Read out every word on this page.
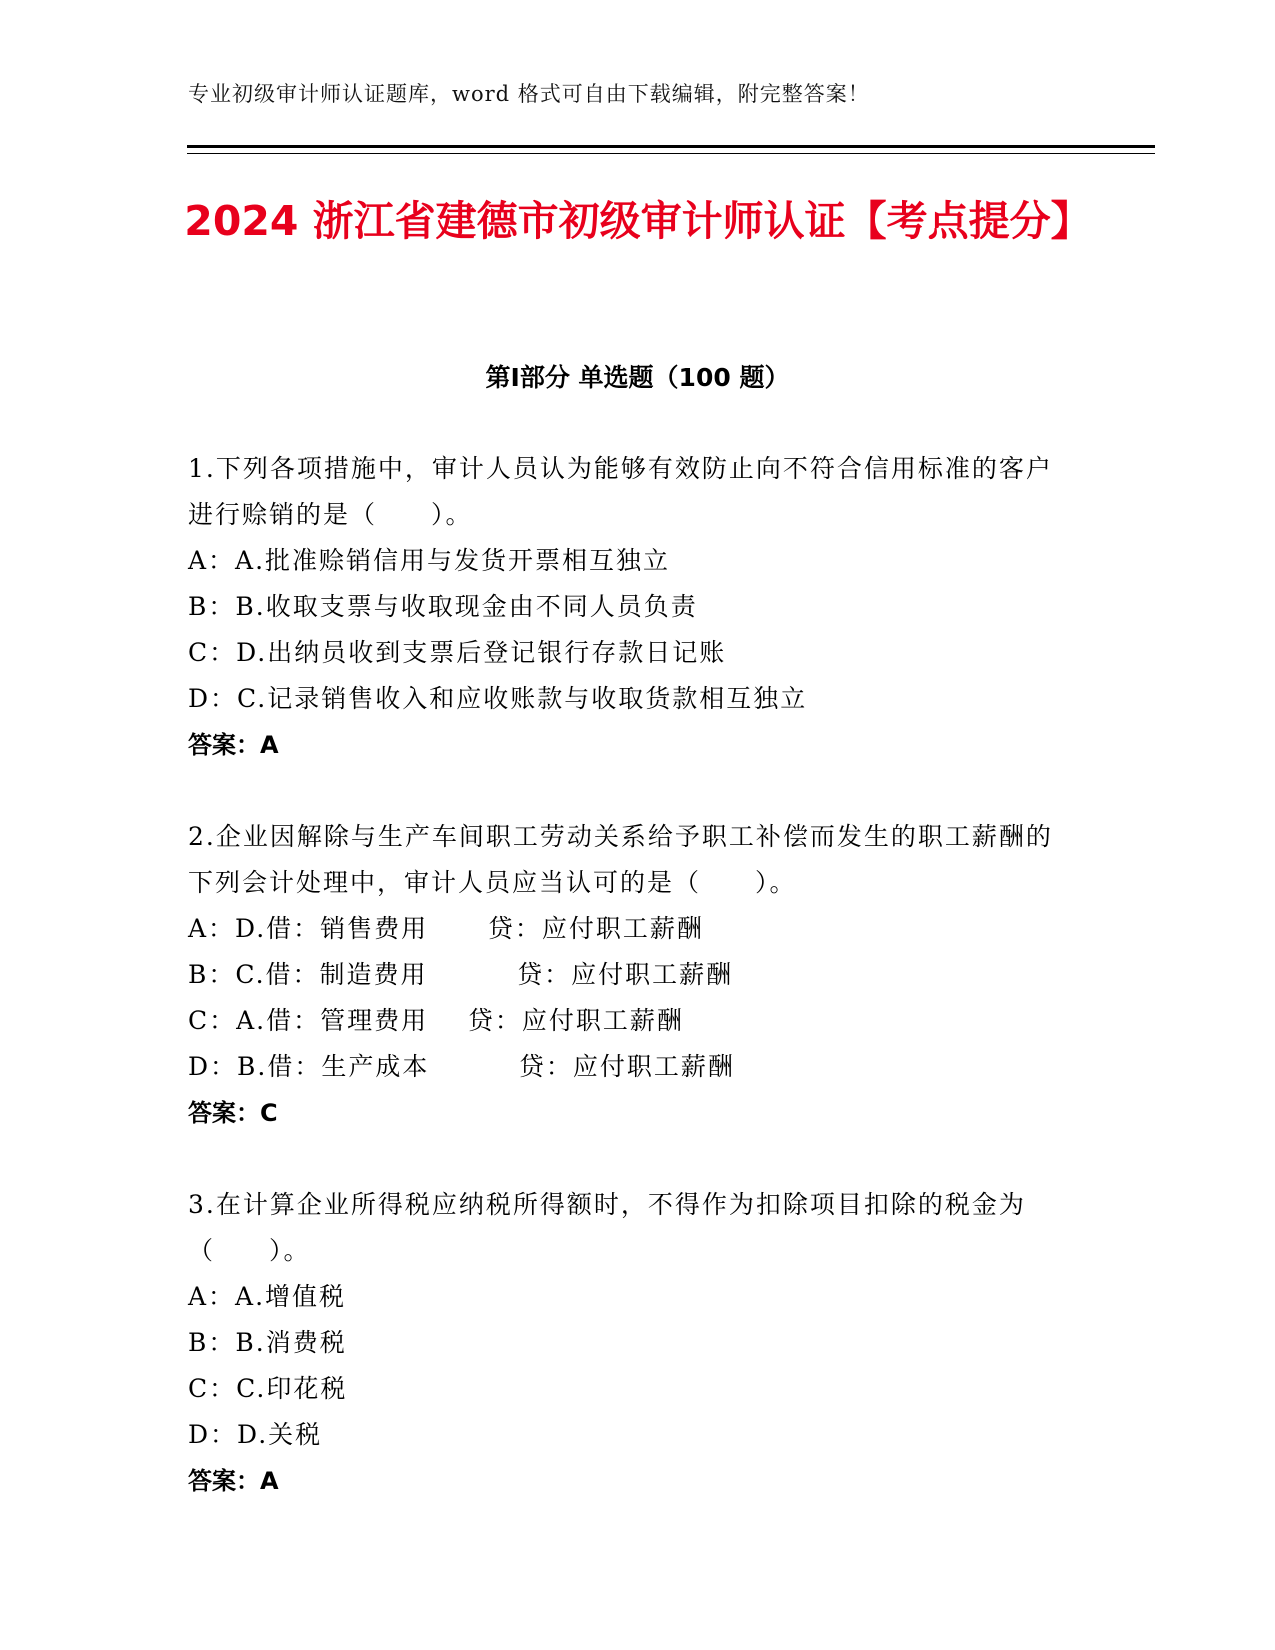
专业初级审计师认证题库，word 格式可自由下载编辑，附完整答案！
2024 浙江省建德市初级审计师认证【考点提分】
第Ⅰ部分 单选题（100 题）

1.下列各项措施中，审计人员认为能够有效防止向不符合信用标准的客户进行赊销的是（　　）。

A：A.批准赊销信用与发货开票相互独立

B：B.收取支票与收取现金由不同人员负责

C：D.出纳员收到支票后登记银行存款日记账

D：C.记录销售收入和应收账款与收取货款相互独立

答案：A

2.企业因解除与生产车间职工劳动关系给予职工补偿而发生的职工薪酬的下列会计处理中，审计人员应当认可的是（　　）。

A：D.借：销售费用      贷：应付职工薪酬

B：C.借：制造费用         贷：应付职工薪酬

C：A.借：管理费用    贷：应付职工薪酬

D：B.借：生产成本         贷：应付职工薪酬

答案：C

3.在计算企业所得税应纳税所得额时，不得作为扣除项目扣除的税金为（　　）。

A：A.增值税

B：B.消费税

C：C.印花税

D：D.关税

答案：A
